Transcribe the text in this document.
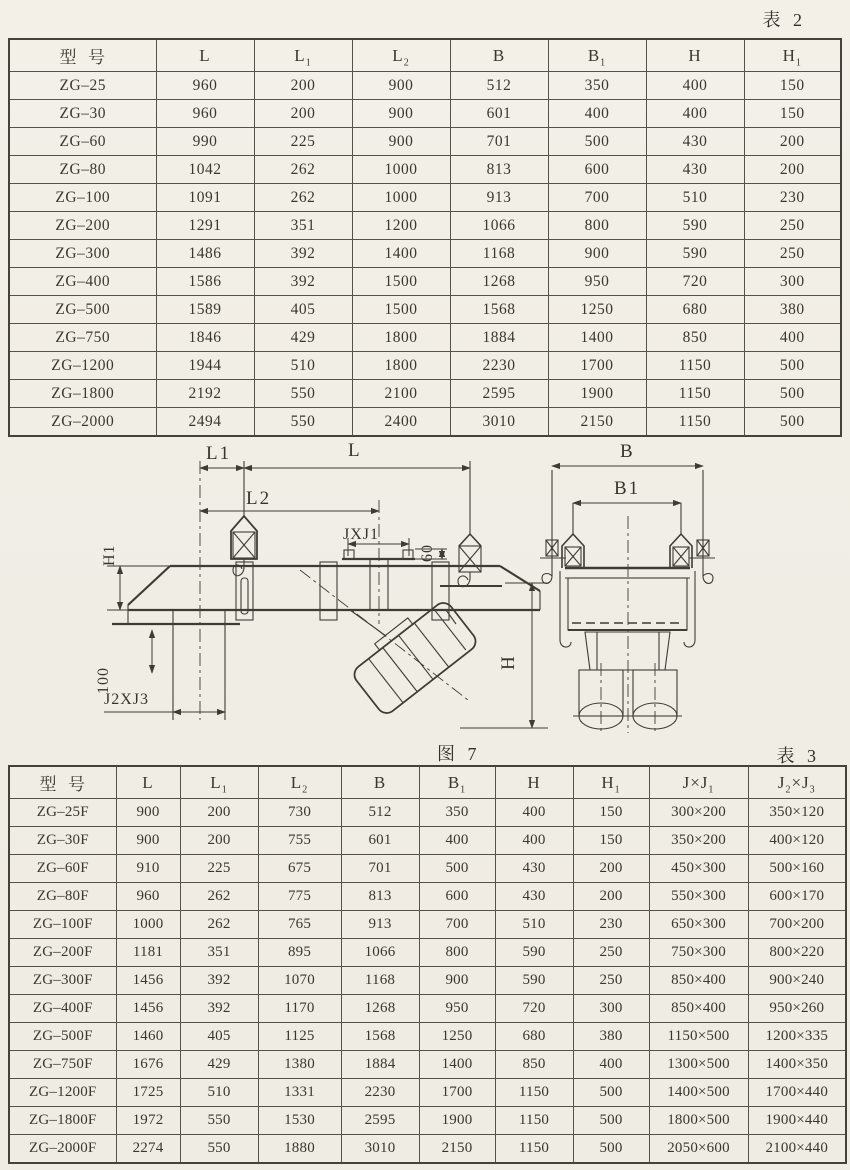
表 2
型  号	L	$L_1$	$L_2$	B	$B_1$	H	$H_1$
ZG–25	960	200	900	512	350	400	150
ZG–30	960	200	900	601	400	400	150
ZG–60	990	225	900	701	500	430	200
ZG–80	1042	262	1000	813	600	430	200
ZG–100	1091	262	1000	913	700	510	230
ZG–200	1291	351	1200	1066	800	590	250
ZG–300	1486	392	1400	1168	900	590	250
ZG–400	1586	392	1500	1268	950	720	300
ZG–500	1589	405	1500	1568	1250	680	380
ZG–750	1846	429	1800	1884	1400	850	400
ZG–1200	1944	510	1800	2230	1700	1150	500
ZG–1800	2192	550	2100	2595	1900	1150	500
ZG–2000	2494	550	2400	3010	2150	1150	500
L1	L
L2
JXJ1
60
H1
100
J2XJ3
H
B
B1
图 7	表 3
型  号	L	$L_1$	$L_2$	B	$B_1$	H	$H_1$	$J\times J_1$	$J_2\times J_3$
ZG–25F	900	200	730	512	350	400	150	300×200	350×120
ZG–30F	900	200	755	601	400	400	150	350×200	400×120
ZG–60F	910	225	675	701	500	430	200	450×300	500×160
ZG–80F	960	262	775	813	600	430	200	550×300	600×170
ZG–100F	1000	262	765	913	700	510	230	650×300	700×200
ZG–200F	1181	351	895	1066	800	590	250	750×300	800×220
ZG–300F	1456	392	1070	1168	900	590	250	850×400	900×240
ZG–400F	1456	392	1170	1268	950	720	300	850×400	950×260
ZG–500F	1460	405	1125	1568	1250	680	380	1150×500	1200×335
ZG–750F	1676	429	1380	1884	1400	850	400	1300×500	1400×350
ZG–1200F	1725	510	1331	2230	1700	1150	500	1400×500	1700×440
ZG–1800F	1972	550	1530	2595	1900	1150	500	1800×500	1900×440
ZG–2000F	2274	550	1880	3010	2150	1150	500	2050×600	2100×440
